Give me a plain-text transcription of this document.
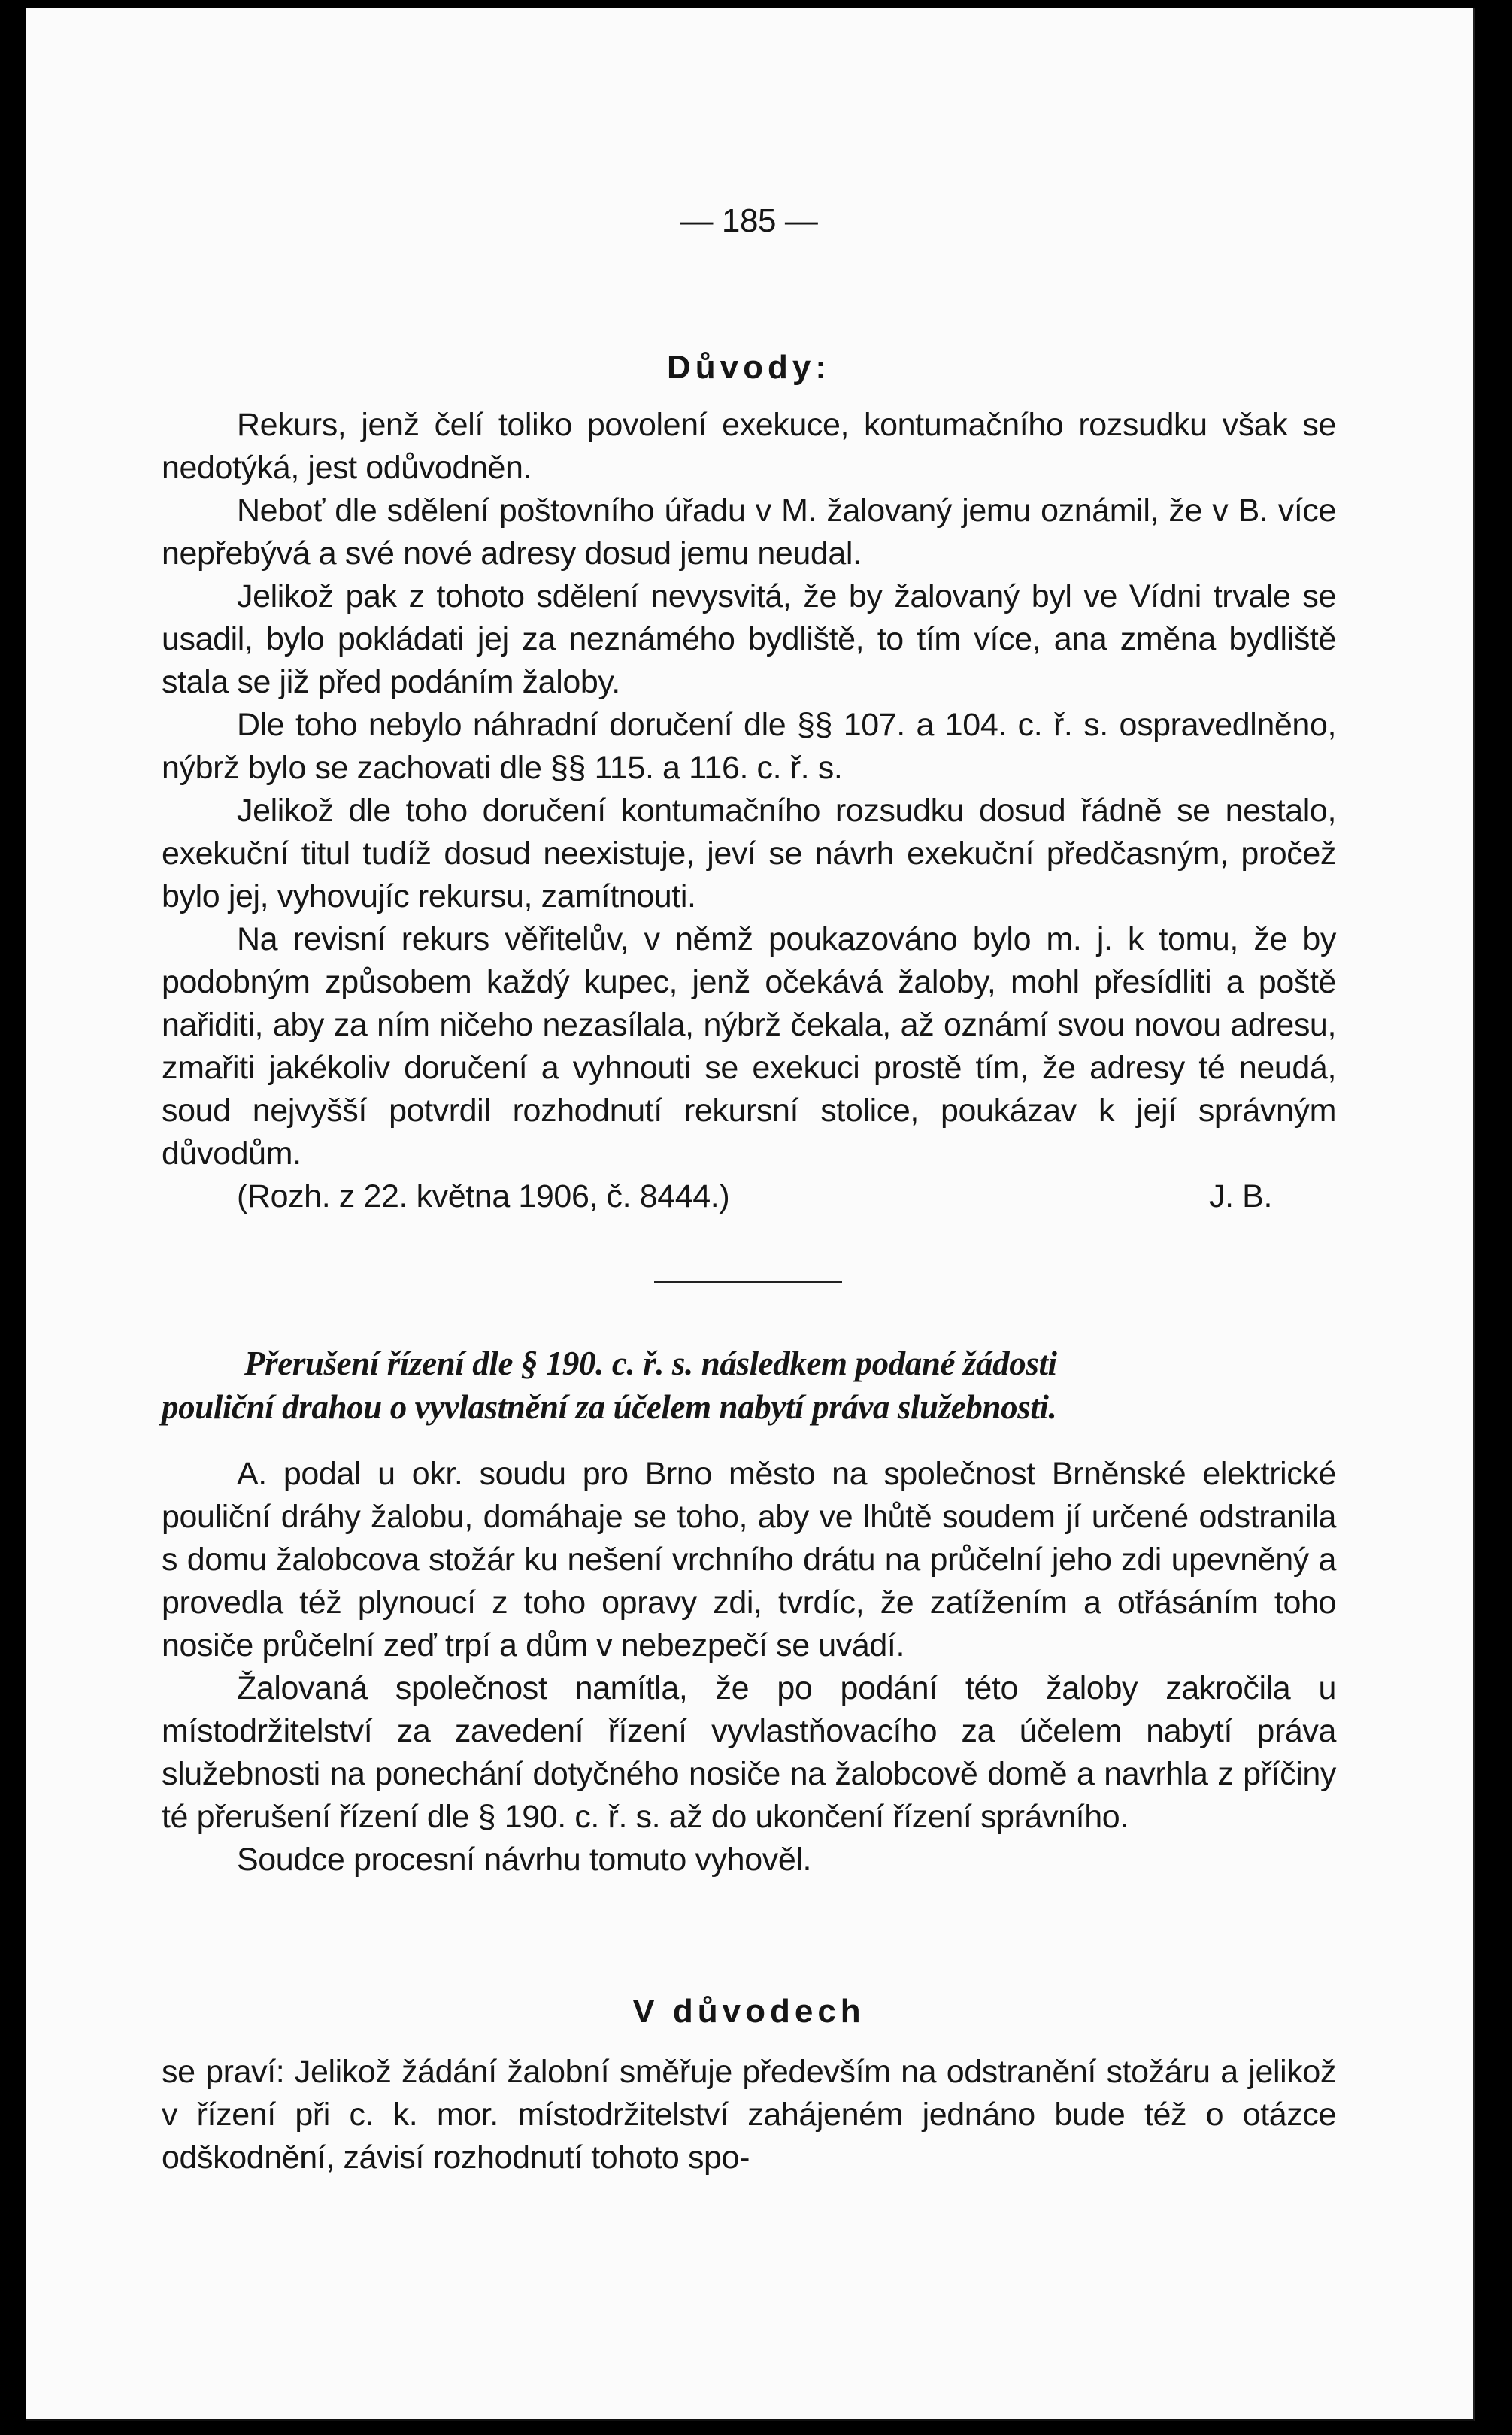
— 185 —
Důvody:

Rekurs, jenž čelí toliko povolení exekuce, kontumačního rozsudku však se nedotýká, jest odůvodněn.

Neboť dle sdělení poštovního úřadu v M. žalovaný jemu oznámil, že v B. více nepřebývá a své nové adresy dosud jemu neudal.

Jelikož pak z tohoto sdělení nevysvitá, že by žalovaný byl ve Vídni trvale se usadil, bylo pokládati jej za neznámého bydliště, to tím více, ana změna bydliště stala se již před podáním žaloby.

Dle toho nebylo náhradní doručení dle §§ 107. a 104. c. ř. s. ospravedlněno, nýbrž bylo se zachovati dle §§ 115. a 116. c. ř. s.

Jelikož dle toho doručení kontumačního rozsudku dosud řádně se nestalo, exekuční titul tudíž dosud neexistuje, jeví se návrh exekuční předčasným, pročež bylo jej, vyhovujíc rekursu, zamítnouti.

Na revisní rekurs věřitelův, v němž poukazováno bylo m. j. k tomu, že by podobným způsobem každý kupec, jenž očekává žaloby, mohl přesídliti a poště nařiditi, aby za ním ničeho nezasílala, nýbrž čekala, až oznámí svou novou adresu, zmařiti jakékoliv doručení a vyhnouti se exekuci prostě tím, že adresy té neudá, soud nejvyšší potvrdil rozhodnutí rekursní stolice, poukázav k její správným důvodům.

(Rozh. z 22. května 1906, č. 8444.)	J. B.
Přerušení řízení dle § 190. c. ř. s. následkem podané žádosti
pouliční drahou o vyvlastnění za účelem nabytí práva služebnosti.

A. podal u okr. soudu pro Brno město na společnost Brněnské elektrické pouliční dráhy žalobu, domáhaje se toho, aby ve lhůtě soudem jí určené odstranila s domu žalobcova stožár ku nešení vrchního drátu na průčelní jeho zdi upevněný a provedla též plynoucí z toho opravy zdi, tvrdíc, že zatížením a otřásáním toho nosiče průčelní zeď trpí a dům v nebezpečí se uvádí.

Žalovaná společnost namítla, že po podání této žaloby zakročila u místodržitelství za zavedení řízení vyvlastňovacího za účelem nabytí práva služebnosti na ponechání dotyčného nosiče na žalobcově domě a navrhla z příčiny té přerušení řízení dle § 190. c. ř. s. až do ukončení řízení správního.

Soudce procesní návrhu tomuto vyhověl.

V důvodech

se praví: Jelikož žádání žalobní směřuje především na odstranění stožáru a jelikož v řízení při c. k. mor. místodržitelství zahájeném jednáno bude též o otázce odškodnění, závisí rozhodnutí tohoto spo-
